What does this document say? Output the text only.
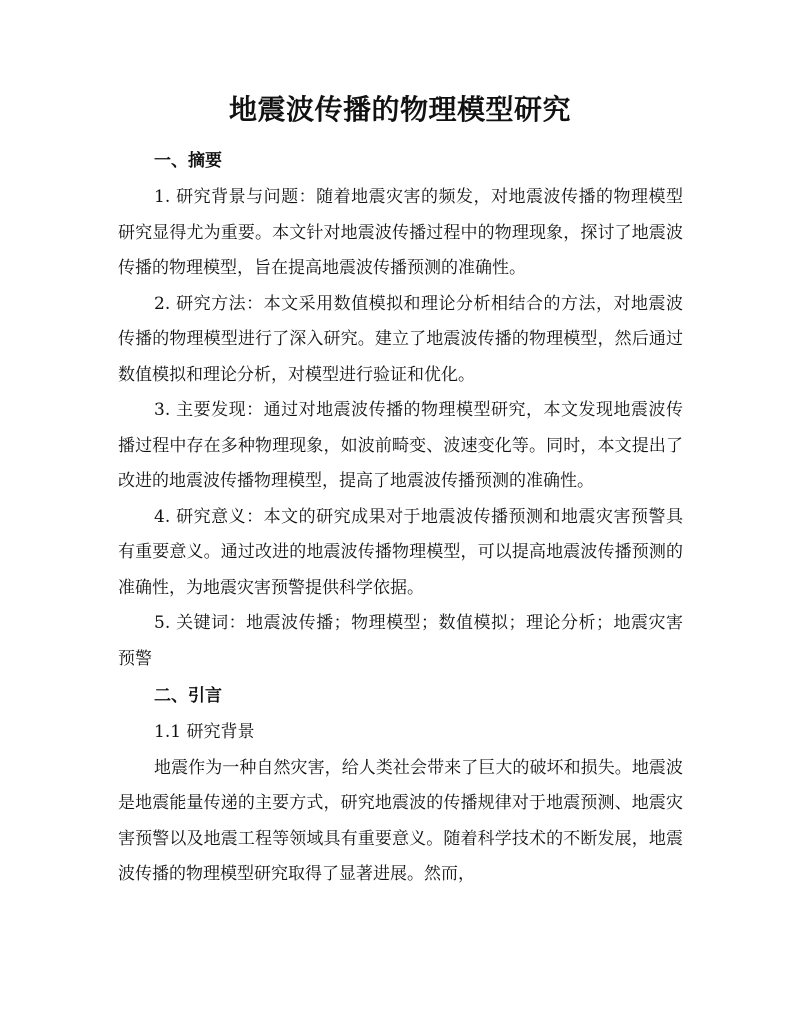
地震波传播的物理模型研究

一、摘要

1. 研究背景与问题：随着地震灾害的频发，对地震波传播的物理模型研究显得尤为重要。本文针对地震波传播过程中的物理现象，探讨了地震波传播的物理模型，旨在提高地震波传播预测的准确性。

2. 研究方法：本文采用数值模拟和理论分析相结合的方法，对地震波传播的物理模型进行了深入研究。建立了地震波传播的物理模型，然后通过数值模拟和理论分析，对模型进行验证和优化。

3. 主要发现：通过对地震波传播的物理模型研究，本文发现地震波传播过程中存在多种物理现象，如波前畸变、波速变化等。同时，本文提出了改进的地震波传播物理模型，提高了地震波传播预测的准确性。

4. 研究意义：本文的研究成果对于地震波传播预测和地震灾害预警具有重要意义。通过改进的地震波传播物理模型，可以提高地震波传播预测的准确性，为地震灾害预警提供科学依据。

5. 关键词：地震波传播；物理模型；数值模拟；理论分析；地震灾害预警

二、引言

1.1 研究背景

地震作为一种自然灾害，给人类社会带来了巨大的破坏和损失。地震波是地震能量传递的主要方式，研究地震波的传播规律对于地震预测、地震灾害预警以及地震工程等领域具有重要意义。随着科学技术的不断发展，地震波传播的物理模型研究取得了显著进展。然而，
